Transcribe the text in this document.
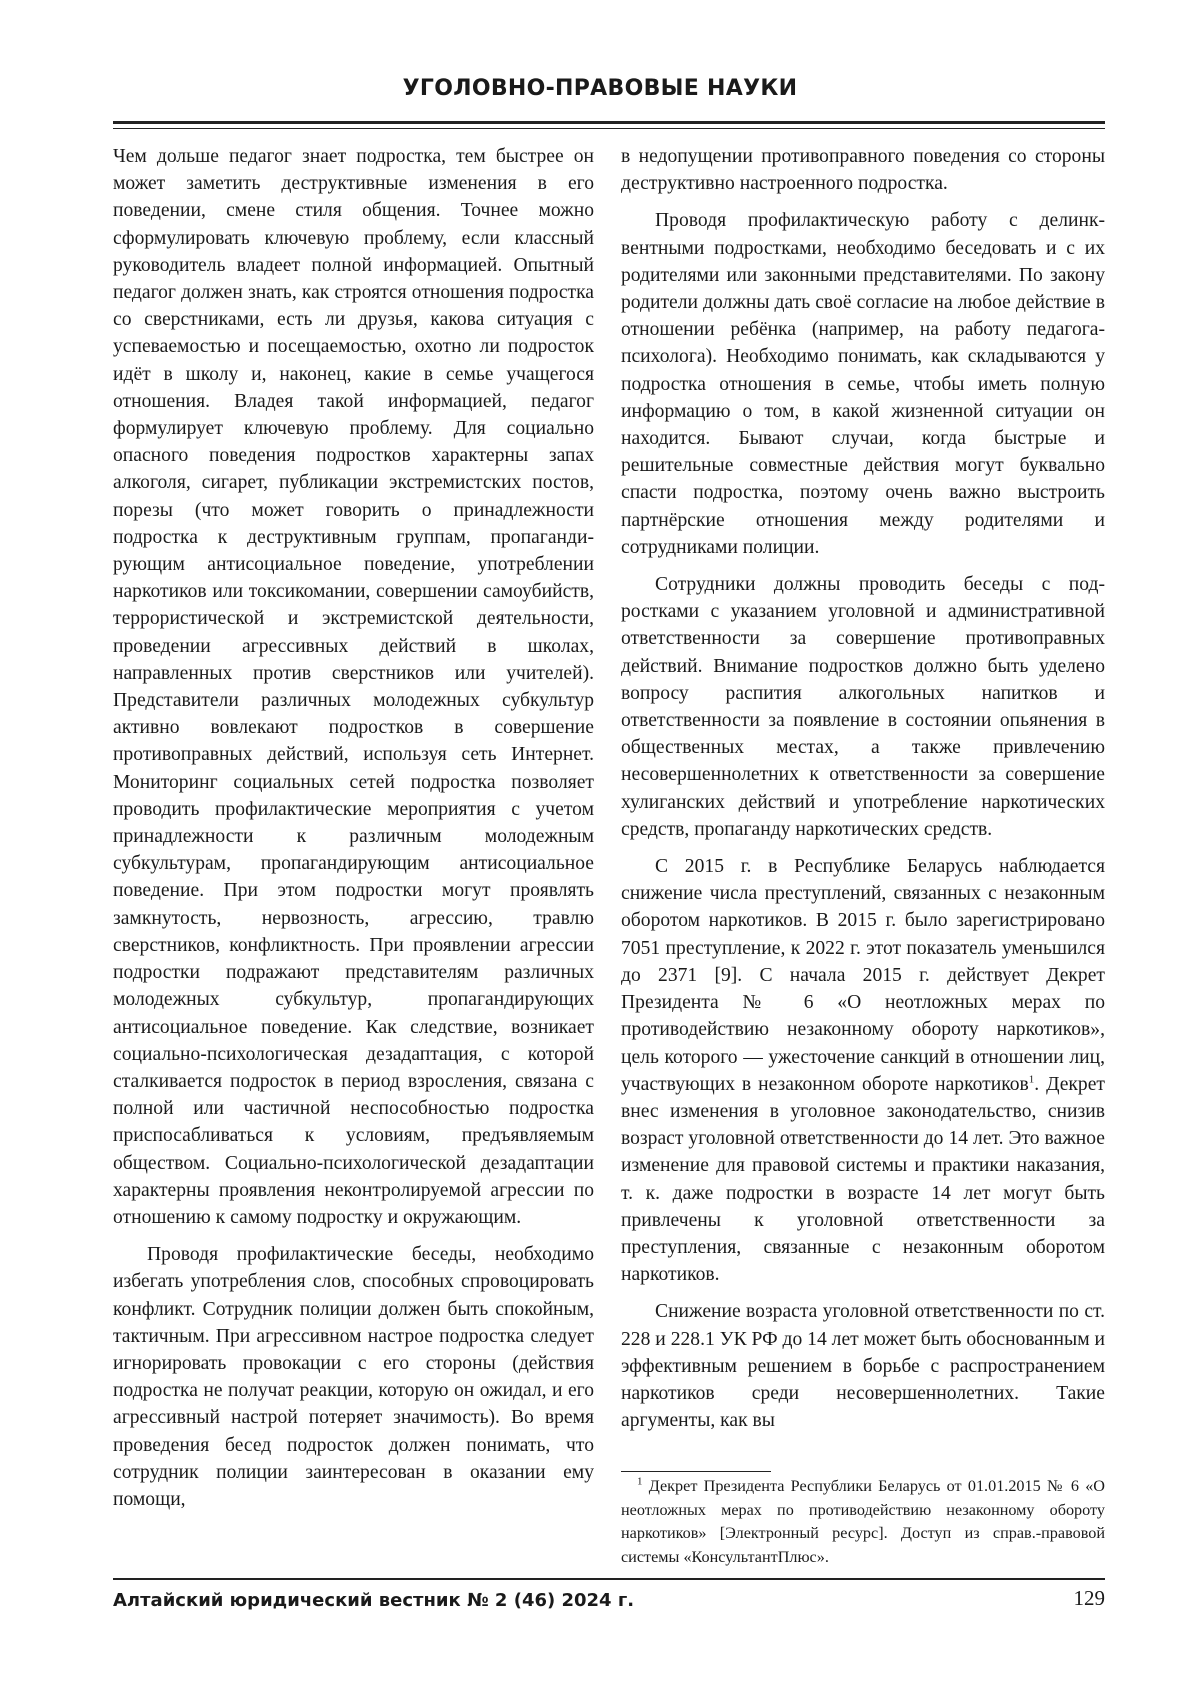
УГОЛОВНО-ПРАВОВЫЕ НАУКИ

Чем дольше педагог знает подростка, тем быстрее он может заметить деструктивные изменения в его поведении, смене стиля общения. Точнее можно сформулировать ключевую проблему, если классный руководитель владеет полной информацией. Опытный педагог должен знать, как строятся отношения подростка со сверстниками, есть ли друзья, какова ситуация с успеваемостью и посещаемостью, охотно ли подросток идёт в школу и, наконец, какие в семье учащегося отношения. Владея такой информацией, педагог формулирует ключевую проблему. Для социально опасного поведения подростков характерны запах алкоголя, сигарет, публикации экстремистских постов, порезы (что может говорить о принадлежности подростка к деструктивным группам, пропагандирующим антисоциальное поведение, употреблении наркотиков или токсикомании, совершении самоубийств, террористической и экстремистской деятельности, проведении агрессивных действий в школах, направленных против сверстников или учителей). Представители различных молодежных субкультур активно вовлекают подростков в совершение противоправных действий, используя сеть Интернет. Мониторинг социальных сетей подростка позволяет проводить профилактические мероприятия с учетом принадлежности к различным молодежным субкультурам, пропагандирующим антисоциальное поведение. При этом подростки могут проявлять замкнутость, нервозность, агрессию, травлю сверстников, конфликтность. При проявлении агрессии подростки подражают представителям различных молодежных субкультур, пропагандирующих антисоциальное поведение. Как следствие, возникает социально-психологическая дезадаптация, с которой сталкивается подросток в период взросления, связана с полной или частичной неспособностью подростка приспосабливаться к условиям, предъявляемым обществом. Социально-психологической дезадаптации характерны проявления неконтролируемой агрессии по отношению к самому подростку и окружающим.

Проводя профилактические беседы, необходимо избегать употребления слов, способных спровоцировать конфликт. Сотрудник полиции должен быть спокойным, тактичным. При агрессивном настрое подростка следует игнорировать провокации с его стороны (действия подростка не получат реакции, которую он ожидал, и его агрессивный настрой потеряет значимость). Во время проведения бесед подросток должен понимать, что сотрудник полиции заинтересован в оказании ему помощи,

в недопущении противоправного поведения со стороны деструктивно настроенного подростка.

Проводя профилактическую работу с делинквентными подростками, необходимо беседовать и с их родителями или законными представителями. По закону родители должны дать своё согласие на любое действие в отношении ребёнка (например, на работу педагога-психолога). Необходимо понимать, как складываются у подростка отношения в семье, чтобы иметь полную информацию о том, в какой жизненной ситуации он находится. Бывают случаи, когда быстрые и решительные совместные действия могут буквально спасти подростка, поэтому очень важно выстроить партнёрские отношения между родителями и сотрудниками полиции.

Сотрудники должны проводить беседы с подростками с указанием уголовной и административной ответственности за совершение противоправных действий. Внимание подростков должно быть уделено вопросу распития алкогольных напитков и ответственности за появление в состоянии опьянения в общественных местах, а также привлечению несовершеннолетних к ответственности за совершение хулиганских действий и употребление наркотических средств, пропаганду наркотических средств.

С 2015 г. в Республике Беларусь наблюдается снижение числа преступлений, связанных с незаконным оборотом наркотиков. В 2015 г. было зарегистрировано 7051 преступление, к 2022 г. этот показатель уменьшился до 2371 [9]. С начала 2015 г. действует Декрет Президента № 6 «О неотложных мерах по противодействию незаконному обороту наркотиков», цель которого — ужесточение санкций в отношении лиц, участвующих в незаконном обороте наркотиков$^1$. Декрет внес изменения в уголовное законодательство, снизив возраст уголовной ответственности до 14 лет. Это важное изменение для правовой системы и практики наказания, т. к. даже подростки в возрасте 14 лет могут быть привлечены к уголовной ответственности за преступления, связанные с незаконным оборотом наркотиков.

Снижение возраста уголовной ответственности по ст. 228 и 228.1 УК РФ до 14 лет может быть обоснованным и эффективным решением в борьбе с распространением наркотиков среди несовершеннолетних. Такие аргументы, как вы

$^1$ Декрет Президента Республики Беларусь от 01.01.2015 № 6 «О неотложных мерах по противодействию незаконному обороту наркотиков» [Электронный ресурс]. Доступ из справ.-правовой системы «КонсультантПлюс».

Алтайский юридический вестник № 2 (46) 2024 г.	129
